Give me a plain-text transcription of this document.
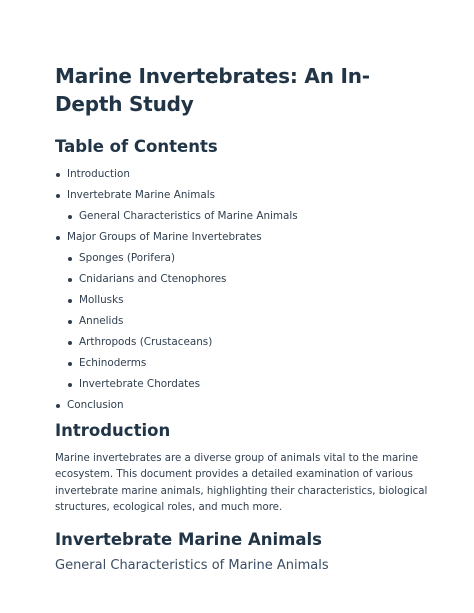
Marine Invertebrates: An In-Depth Study
Table of Contents
Introduction
Invertebrate Marine Animals
General Characteristics of Marine Animals
Major Groups of Marine Invertebrates
Sponges (Porifera)
Cnidarians and Ctenophores
Mollusks
Annelids
Arthropods (Crustaceans)
Echinoderms
Invertebrate Chordates
Conclusion
Introduction

Marine invertebrates are a diverse group of animals vital to the marine ecosystem. This document provides a detailed examination of various invertebrate marine animals, highlighting their characteristics, biological structures, ecological roles, and much more.

Invertebrate Marine Animals
General Characteristics of Marine Animals
